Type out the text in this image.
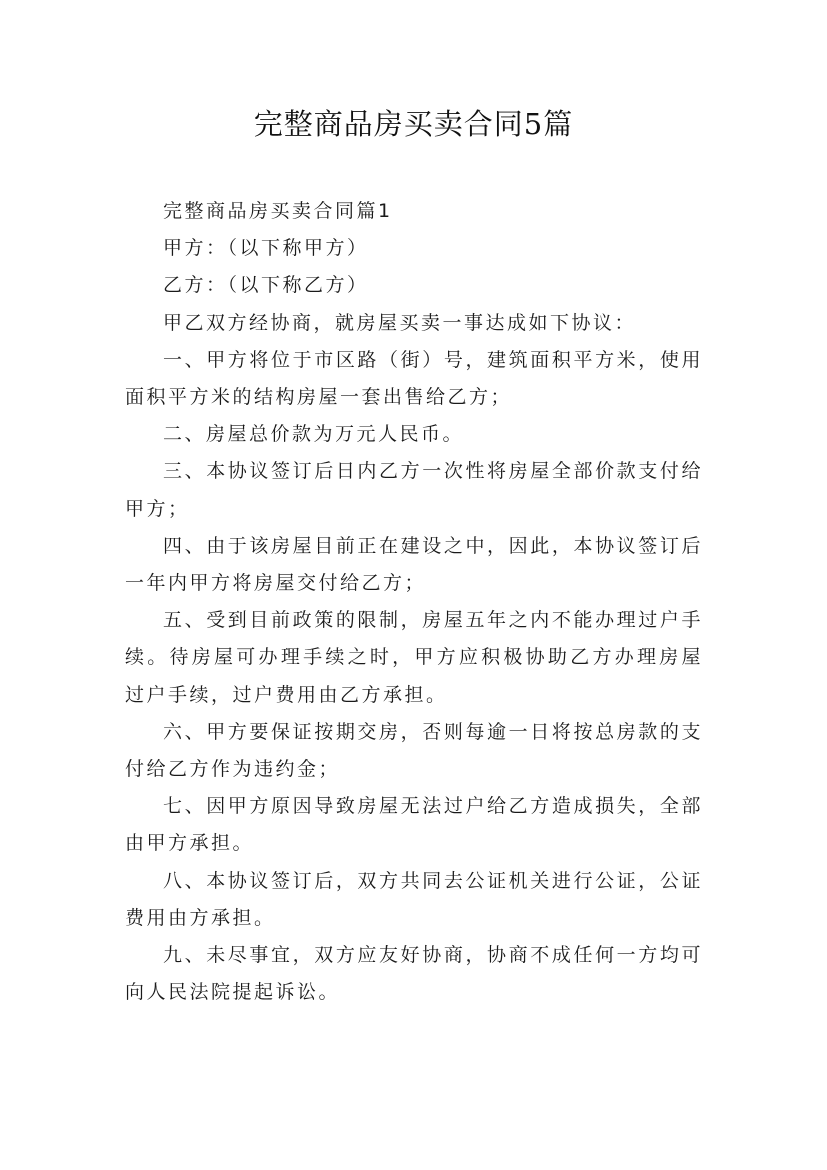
完整商品房买卖合同5篇

完整商品房买卖合同篇1

甲方：（以下称甲方）

乙方：（以下称乙方）

甲乙双方经协商，就房屋买卖一事达成如下协议：

一、甲方将位于市区路（街）号，建筑面积平方米，使用面积平方米的结构房屋一套出售给乙方；

二、房屋总价款为万元人民币。

三、本协议签订后日内乙方一次性将房屋全部价款支付给甲方；

四、由于该房屋目前正在建设之中，因此，本协议签订后一年内甲方将房屋交付给乙方；

五、受到目前政策的限制，房屋五年之内不能办理过户手续。待房屋可办理手续之时，甲方应积极协助乙方办理房屋过户手续，过户费用由乙方承担。

六、甲方要保证按期交房，否则每逾一日将按总房款的支付给乙方作为违约金；

七、因甲方原因导致房屋无法过户给乙方造成损失，全部由甲方承担。

八、本协议签订后，双方共同去公证机关进行公证，公证费用由方承担。

九、未尽事宜，双方应友好协商，协商不成任何一方均可向人民法院提起诉讼。
